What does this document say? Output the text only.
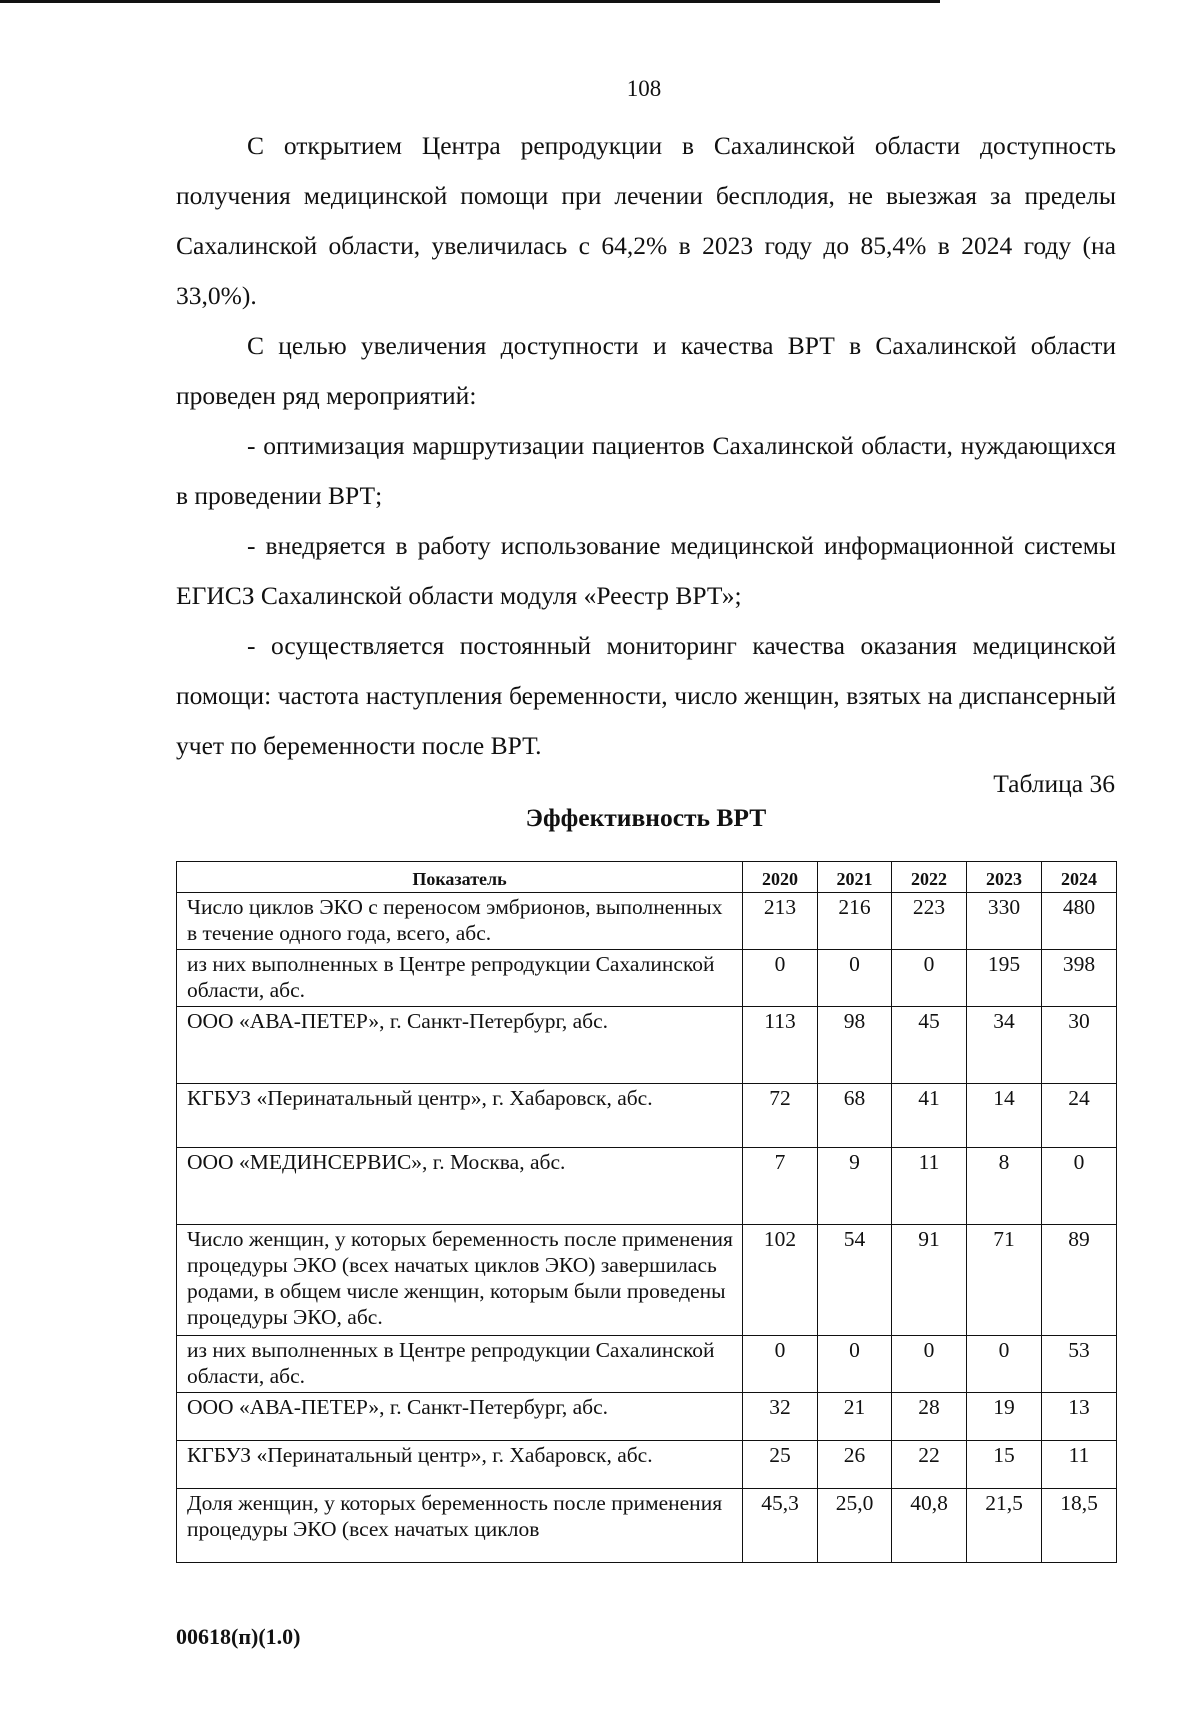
108

С открытием Центра репродукции в Сахалинской области доступность получения медицинской помощи при лечении бесплодия, не выезжая за пределы Сахалинской области, увеличилась с 64,2% в 2023 году до 85,4% в 2024 году (на 33,0%).

С целью увеличения доступности и качества ВРТ в Сахалинской области проведен ряд мероприятий:

- оптимизация маршрутизации пациентов Сахалинской области, нуждающихся в проведении ВРТ;

- внедряется в работу использование медицинской информационной системы ЕГИСЗ Сахалинской области модуля «Реестр ВРТ»;

- осуществляется постоянный мониторинг качества оказания медицинской помощи: частота наступления беременности, число женщин, взятых на диспансерный учет по беременности после ВРТ.

Таблица 36
Эффективность ВРТ
Показатель	2020	2021	2022	2023	2024
Число циклов ЭКО с переносом эмбрионов, выполненных в течение одного года, всего, абс.	213	216	223	330	480
из них выполненных в Центре репродукции Сахалинской области, абс.	0	0	0	195	398
ООО «АВА-ПЕТЕР», г. Санкт-Петербург, абс.	113	98	45	34	30
КГБУЗ «Перинатальный центр», г. Хабаровск, абс.	72	68	41	14	24
ООО «МЕДИНСЕРВИС», г. Москва, абс.	7	9	11	8	0
Число женщин, у которых беременность после применения процедуры ЭКО (всех начатых циклов ЭКО) завершилась родами, в общем числе женщин, которым были проведены процедуры ЭКО, абс.	102	54	91	71	89
из них выполненных в Центре репродукции Сахалинской области, абс.	0	0	0	0	53
ООО «АВА-ПЕТЕР», г. Санкт-Петербург, абс.	32	21	28	19	13
КГБУЗ «Перинатальный центр», г. Хабаровск, абс.	25	26	22	15	11
Доля женщин, у которых беременность после применения процедуры ЭКО (всех начатых циклов	45,3	25,0	40,8	21,5	18,5
00618(п)(1.0)
